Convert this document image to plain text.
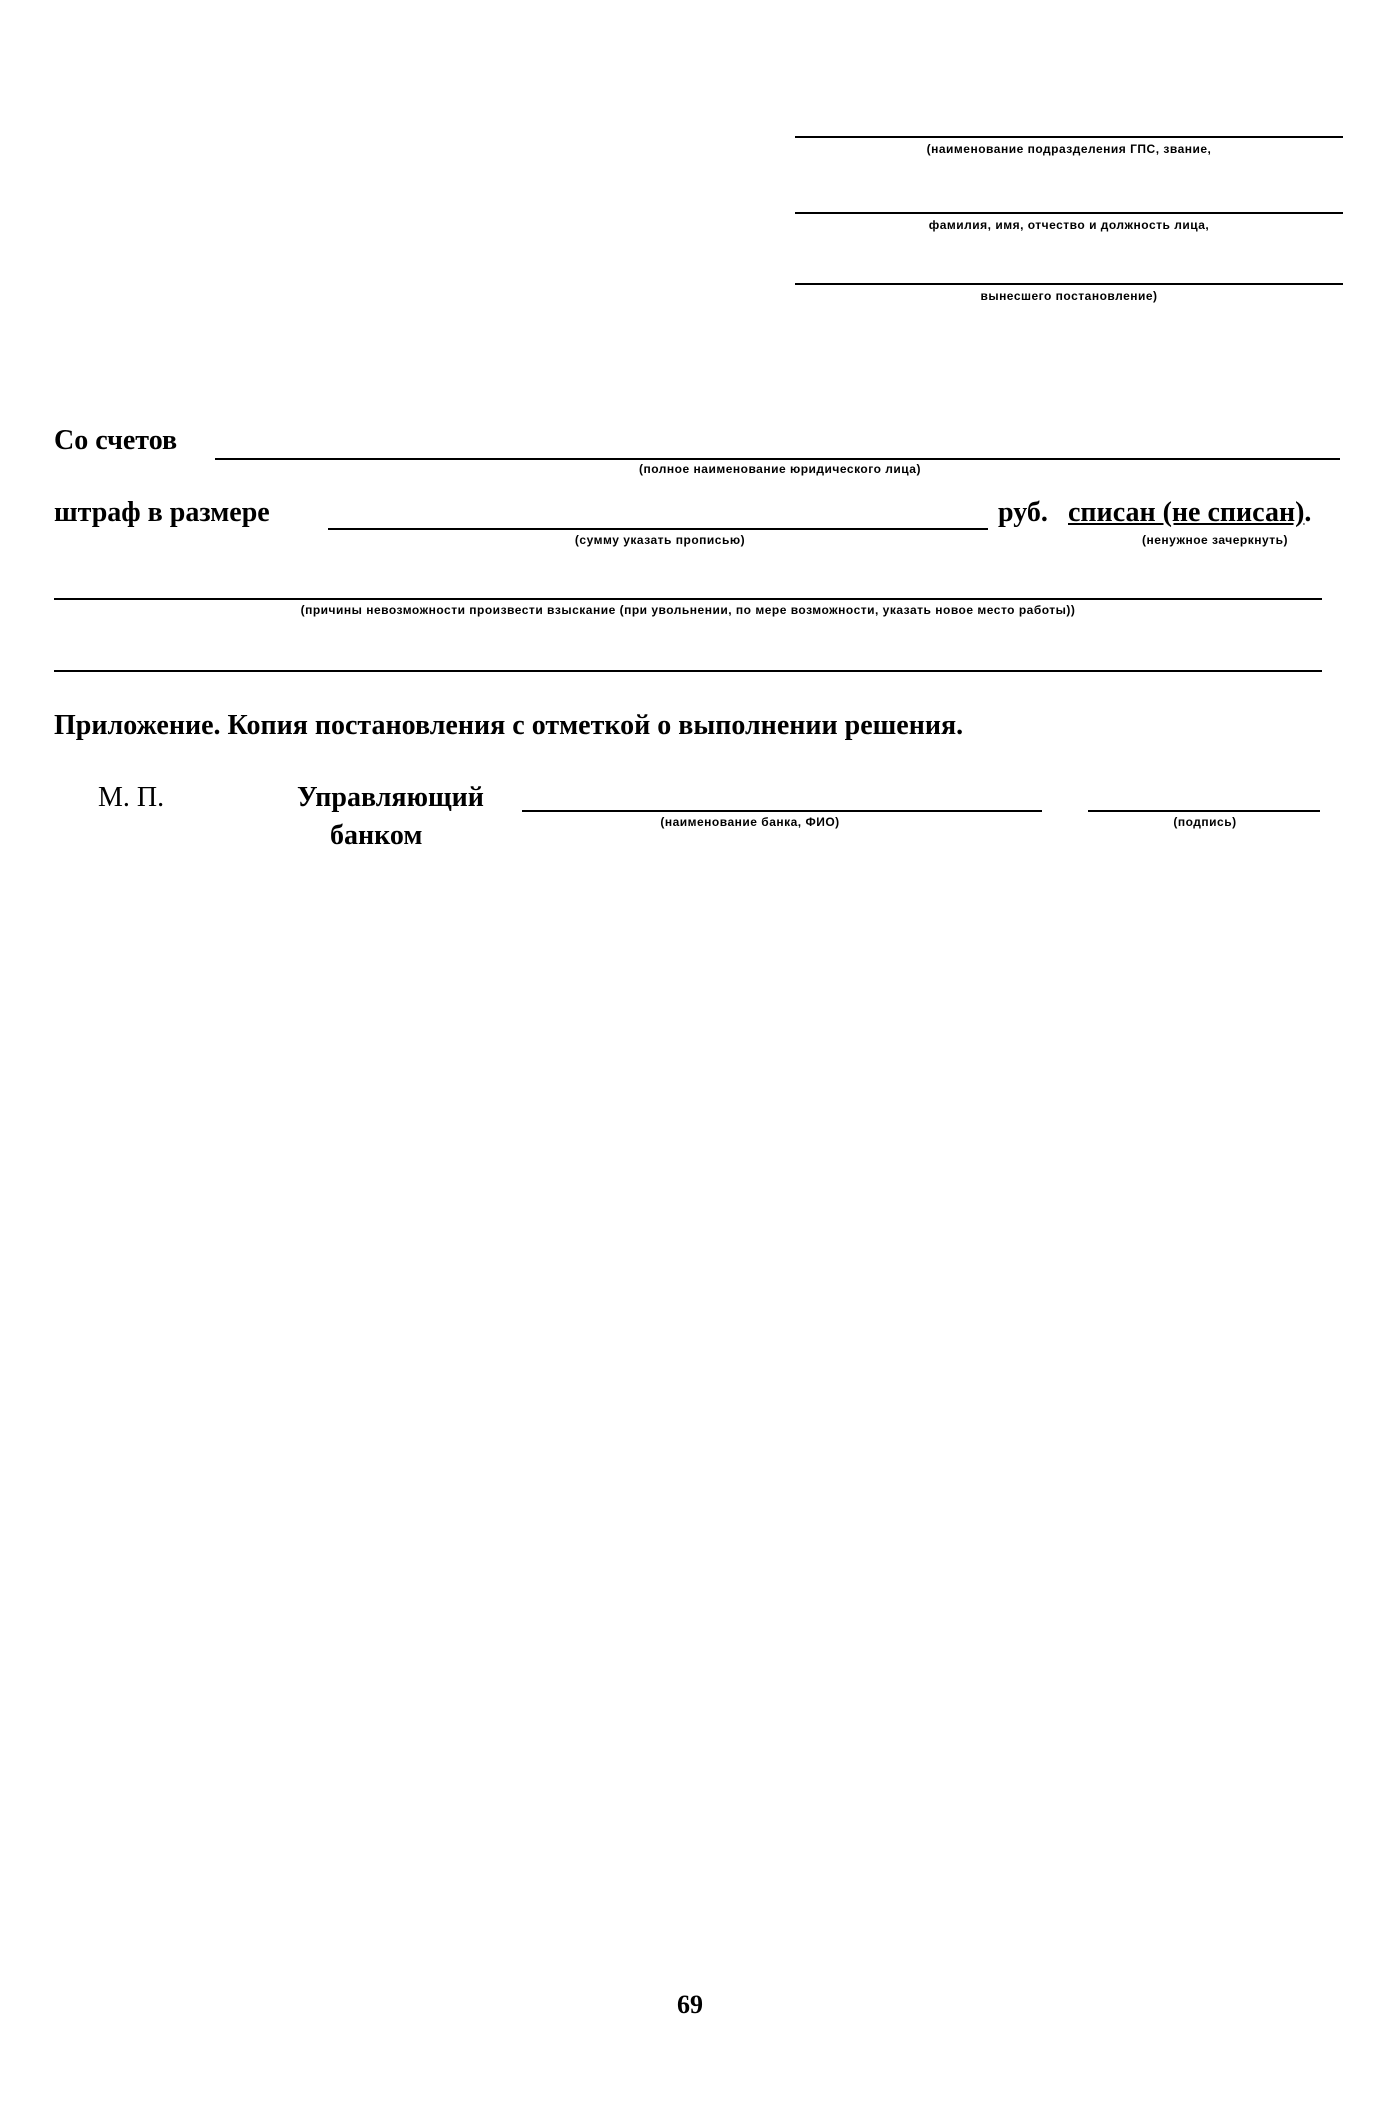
(наименование подразделения ГПС, звание,
фамилия, имя, отчество и должность лица,
вынесшего постановление)
Со счетов
(полное наименование юридического лица)
штраф в размере
(сумму указать прописью)
руб. списан (не списан).
(ненужное зачеркнуть)
(причины невозможности произвести взыскание (при увольнении, по мере возможности, указать новое место работы))
Приложение. Копия постановления с отметкой о выполнении решения.
М. П.	Управляющий
банком	(наименование банка, ФИО)	(подпись)
69
